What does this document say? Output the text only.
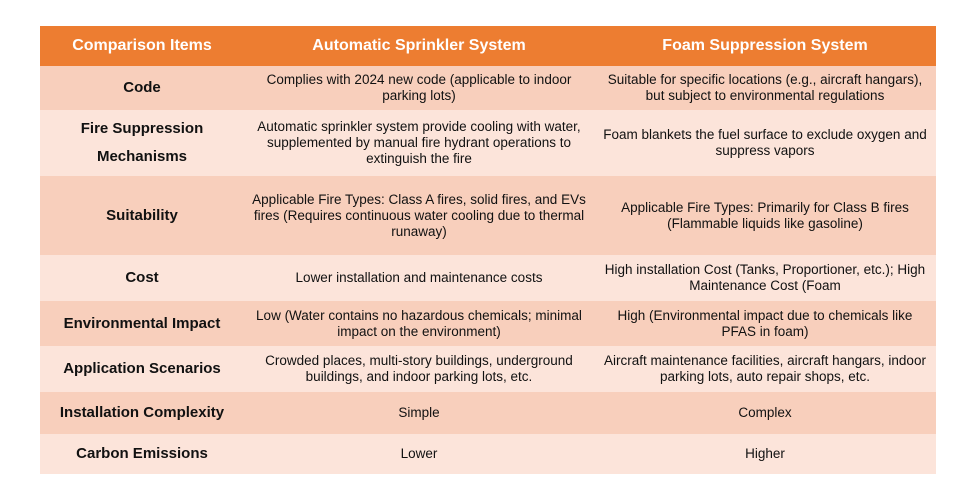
Comparison Items	Automatic Sprinkler System	Foam Suppression System
Code	Complies with 2024 new code (applicable to indoor parking lots)	Suitable for specific locations (e.g., aircraft hangars), but subject to environmental regulations
Fire Suppression Mechanisms	Automatic sprinkler system provide cooling with water, supplemented by manual fire hydrant operations to extinguish the fire	Foam blankets the fuel surface to exclude oxygen and suppress vapors
Suitability	Applicable Fire Types: Class A fires, solid fires, and EVs fires (Requires continuous water cooling due to thermal runaway)	Applicable Fire Types: Primarily for Class B fires (Flammable liquids like gasoline)
Cost	Lower installation and maintenance costs	High installation Cost (Tanks, Proportioner, etc.); High Maintenance Cost (Foam
Environmental Impact	Low (Water contains no hazardous chemicals; minimal impact on the environment)	High (Environmental impact due to chemicals like PFAS in foam)
Application Scenarios	Crowded places, multi-story buildings, underground buildings, and indoor parking lots, etc.	Aircraft maintenance facilities, aircraft hangars, indoor parking lots, auto repair shops, etc.
Installation Complexity	Simple	Complex
Carbon Emissions	Lower	Higher
